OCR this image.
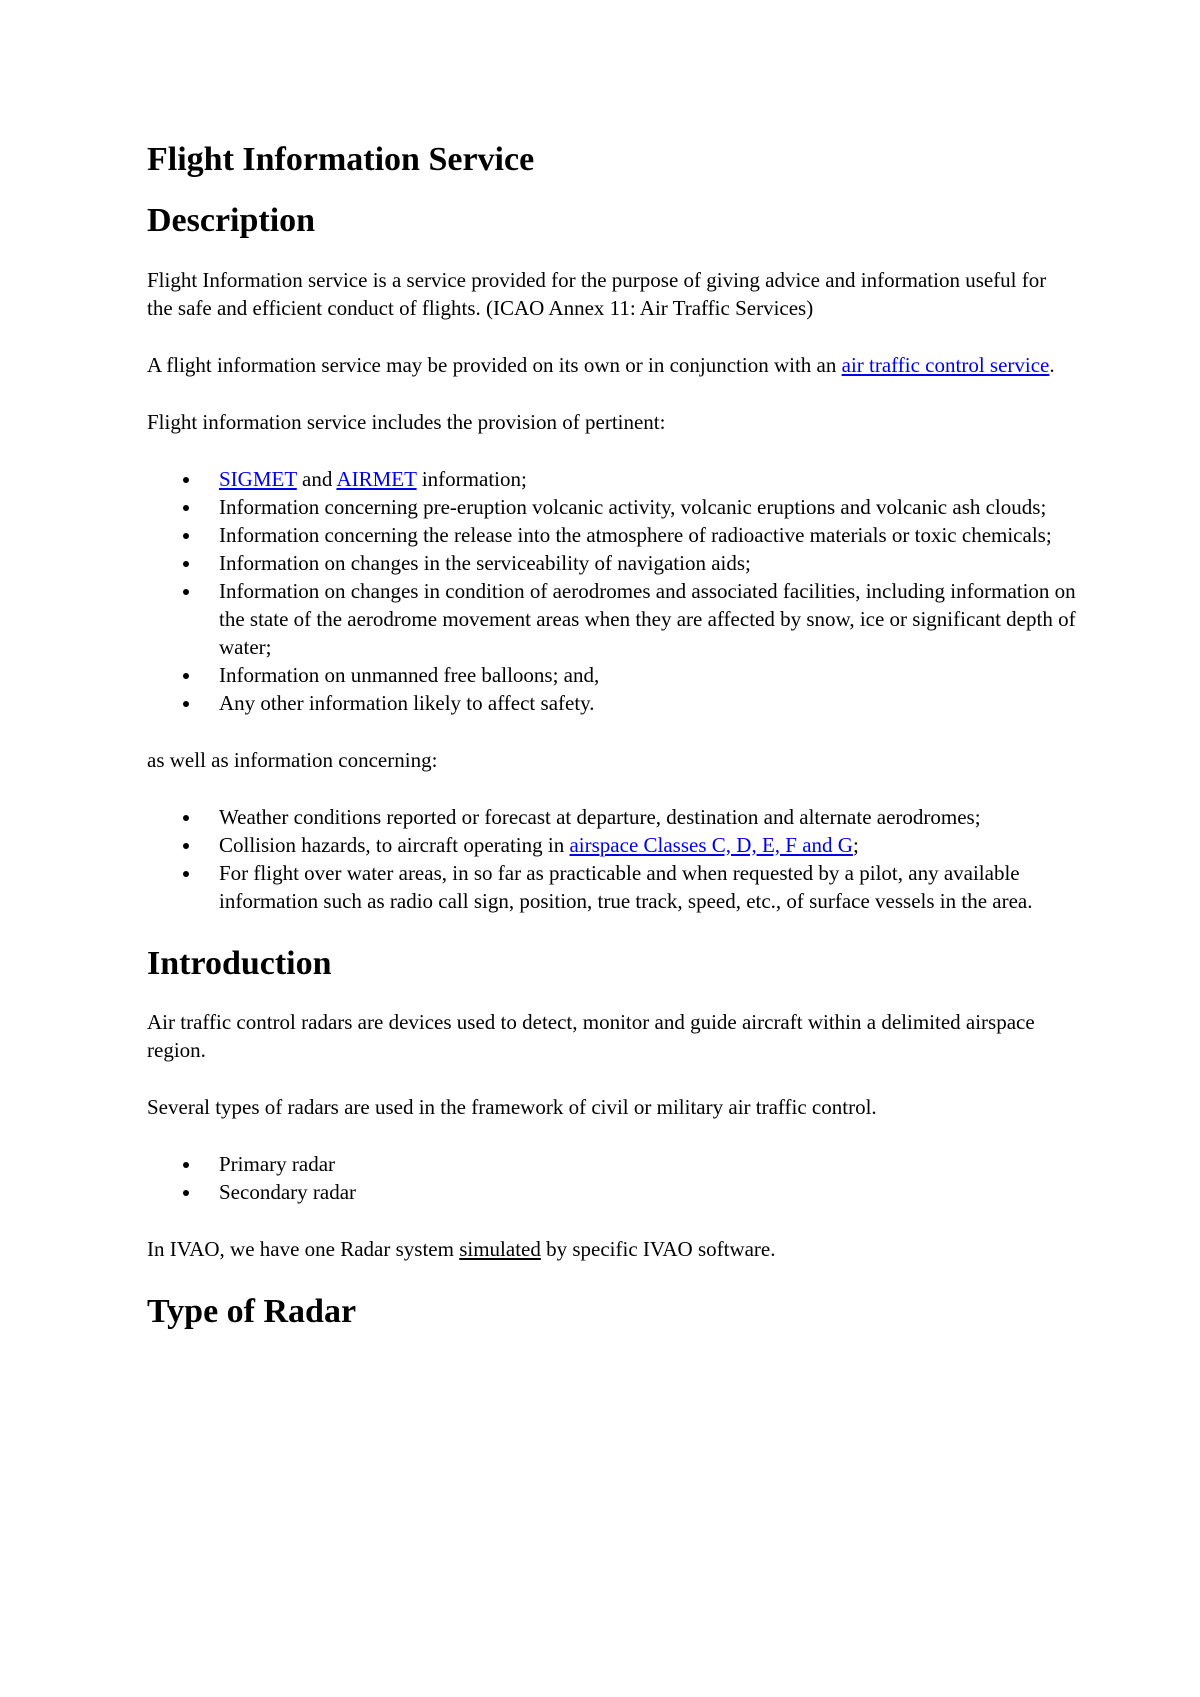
Flight Information Service
Description

Flight Information service is a service provided for the purpose of giving advice and information useful for the safe and efficient conduct of flights. (ICAO Annex 11: Air Traffic Services)

A flight information service may be provided on its own or in conjunction with an air traffic control service.

Flight information service includes the provision of pertinent:

SIGMET and AIRMET information;
Information concerning pre-eruption volcanic activity, volcanic eruptions and volcanic ash clouds;
Information concerning the release into the atmosphere of radioactive materials or toxic chemicals;
Information on changes in the serviceability of navigation aids;
Information on changes in condition of aerodromes and associated facilities, including information on the state of the aerodrome movement areas when they are affected by snow, ice or significant depth of water;
Information on unmanned free balloons; and,
Any other information likely to affect safety.

as well as information concerning:

Weather conditions reported or forecast at departure, destination and alternate aerodromes;
Collision hazards, to aircraft operating in airspace Classes C, D, E, F and G;
For flight over water areas, in so far as practicable and when requested by a pilot, any available information such as radio call sign, position, true track, speed, etc., of surface vessels in the area.
Introduction

Air traffic control radars are devices used to detect, monitor and guide aircraft within a delimited airspace region.

Several types of radars are used in the framework of civil or military air traffic control.

Primary radar
Secondary radar

In IVAO, we have one Radar system simulated by specific IVAO software.

Type of Radar
